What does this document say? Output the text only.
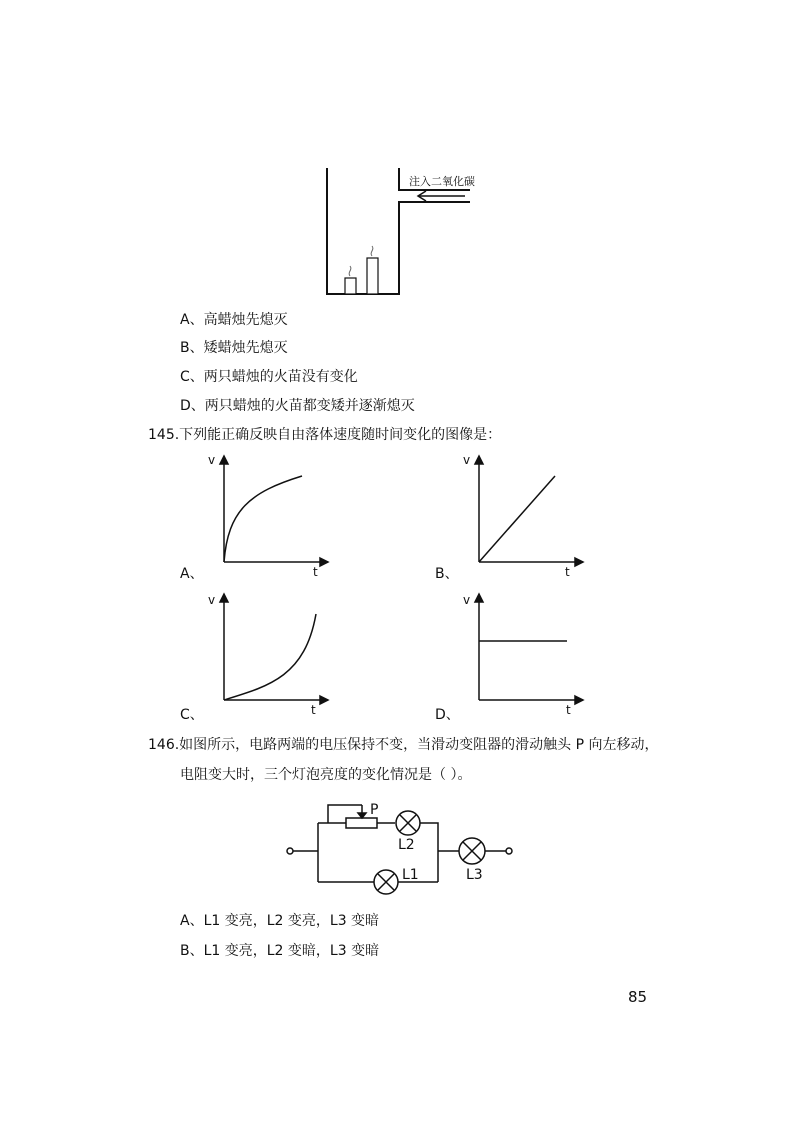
注入二氧化碳
A、高蜡烛先熄灭
B、矮蜡烛先熄灭
C、两只蜡烛的火苗没有变化
D、两只蜡烛的火苗都变矮并逐渐熄灭
145.下列能正确反映自由落体速度随时间变化的图像是：
v
t
A、
v
t
B、
v
t
C、
v
t
D、
146.如图所示，电路两端的电压保持不变，当滑动变阻器的滑动触头 P 向左移动，
电阻变大时，三个灯泡亮度的变化情况是（ ）。
P
L2
L1	L3
A、L1 变亮，L2 变亮，L3 变暗
B、L1 变亮，L2 变暗，L3 变暗
85
